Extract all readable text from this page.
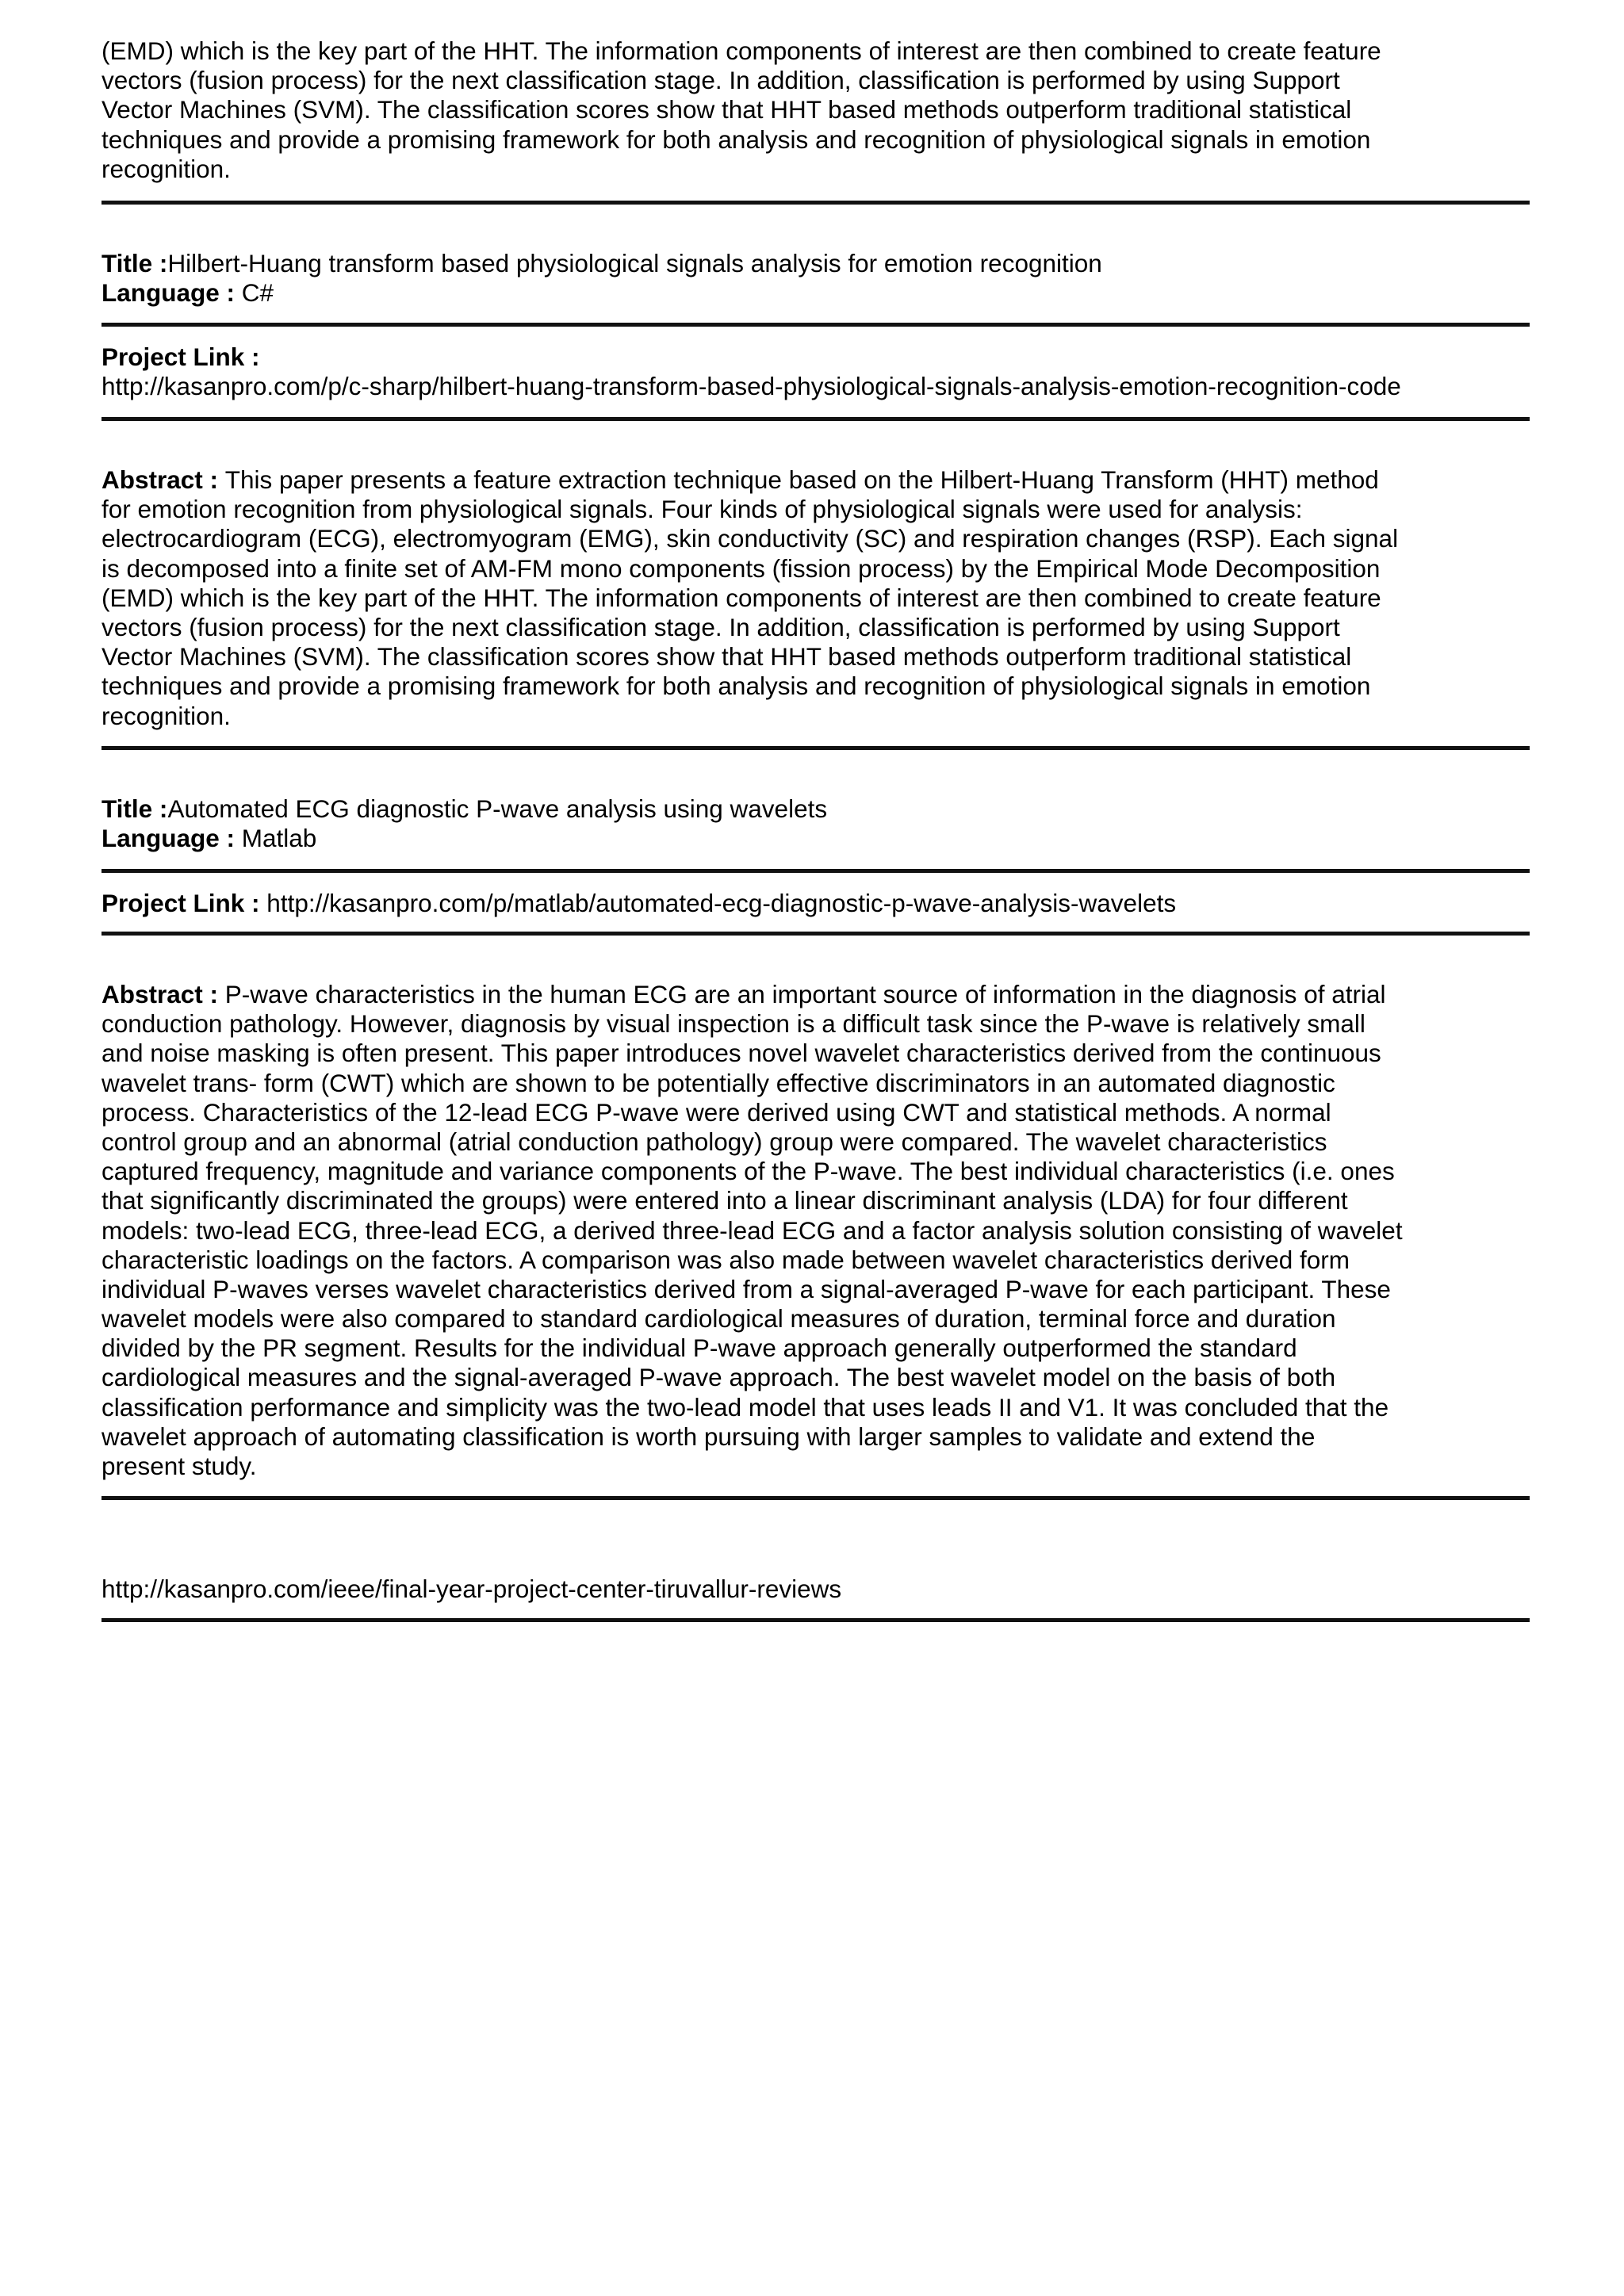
(EMD) which is the key part of the HHT. The information components of interest are then combined to create feature
vectors (fusion process) for the next classification stage. In addition, classification is performed by using Support
Vector Machines (SVM). The classification scores show that HHT based methods outperform traditional statistical
techniques and provide a promising framework for both analysis and recognition of physiological signals in emotion
recognition.
Title :Hilbert-Huang transform based physiological signals analysis for emotion recognition
Language : C#
Project Link :
http://kasanpro.com/p/c-sharp/hilbert-huang-transform-based-physiological-signals-analysis-emotion-recognition-code
Abstract : This paper presents a feature extraction technique based on the Hilbert-Huang Transform (HHT) method
for emotion recognition from physiological signals. Four kinds of physiological signals were used for analysis:
electrocardiogram (ECG), electromyogram (EMG), skin conductivity (SC) and respiration changes (RSP). Each signal
is decomposed into a finite set of AM-FM mono components (fission process) by the Empirical Mode Decomposition
(EMD) which is the key part of the HHT. The information components of interest are then combined to create feature
vectors (fusion process) for the next classification stage. In addition, classification is performed by using Support
Vector Machines (SVM). The classification scores show that HHT based methods outperform traditional statistical
techniques and provide a promising framework for both analysis and recognition of physiological signals in emotion
recognition.
Title :Automated ECG diagnostic P-wave analysis using wavelets
Language : Matlab
Project Link : http://kasanpro.com/p/matlab/automated-ecg-diagnostic-p-wave-analysis-wavelets
Abstract : P-wave characteristics in the human ECG are an important source of information in the diagnosis of atrial
conduction pathology. However, diagnosis by visual inspection is a difficult task since the P-wave is relatively small
and noise masking is often present. This paper introduces novel wavelet characteristics derived from the continuous
wavelet trans- form (CWT) which are shown to be potentially effective discriminators in an automated diagnostic
process. Characteristics of the 12-lead ECG P-wave were derived using CWT and statistical methods. A normal
control group and an abnormal (atrial conduction pathology) group were compared. The wavelet characteristics
captured frequency, magnitude and variance components of the P-wave. The best individual characteristics (i.e. ones
that significantly discriminated the groups) were entered into a linear discriminant analysis (LDA) for four different
models: two-lead ECG, three-lead ECG, a derived three-lead ECG and a factor analysis solution consisting of wavelet
characteristic loadings on the factors. A comparison was also made between wavelet characteristics derived form
individual P-waves verses wavelet characteristics derived from a signal-averaged P-wave for each participant. These
wavelet models were also compared to standard cardiological measures of duration, terminal force and duration
divided by the PR segment. Results for the individual P-wave approach generally outperformed the standard
cardiological measures and the signal-averaged P-wave approach. The best wavelet model on the basis of both
classification performance and simplicity was the two-lead model that uses leads II and V1. It was concluded that the
wavelet approach of automating classification is worth pursuing with larger samples to validate and extend the
present study.
http://kasanpro.com/ieee/final-year-project-center-tiruvallur-reviews
